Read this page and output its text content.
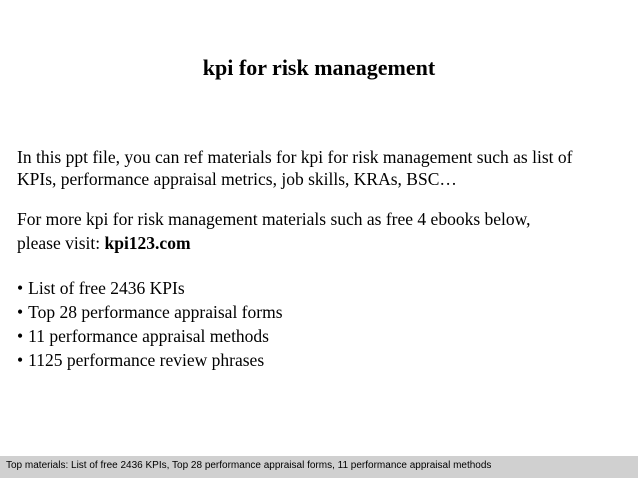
kpi for risk management
In this ppt file, you can ref materials for kpi for risk management such as list of
KPIs, performance appraisal metrics, job skills, KRAs, BSC…
For more kpi for risk management materials such as free 4 ebooks below,
please visit: kpi123.com
• List of free 2436 KPIs
• Top 28 performance appraisal forms
• 11 performance appraisal methods
• 1125 performance review phrases
Top materials: List of free 2436 KPIs, Top 28 performance appraisal forms, 11 performance appraisal methods
